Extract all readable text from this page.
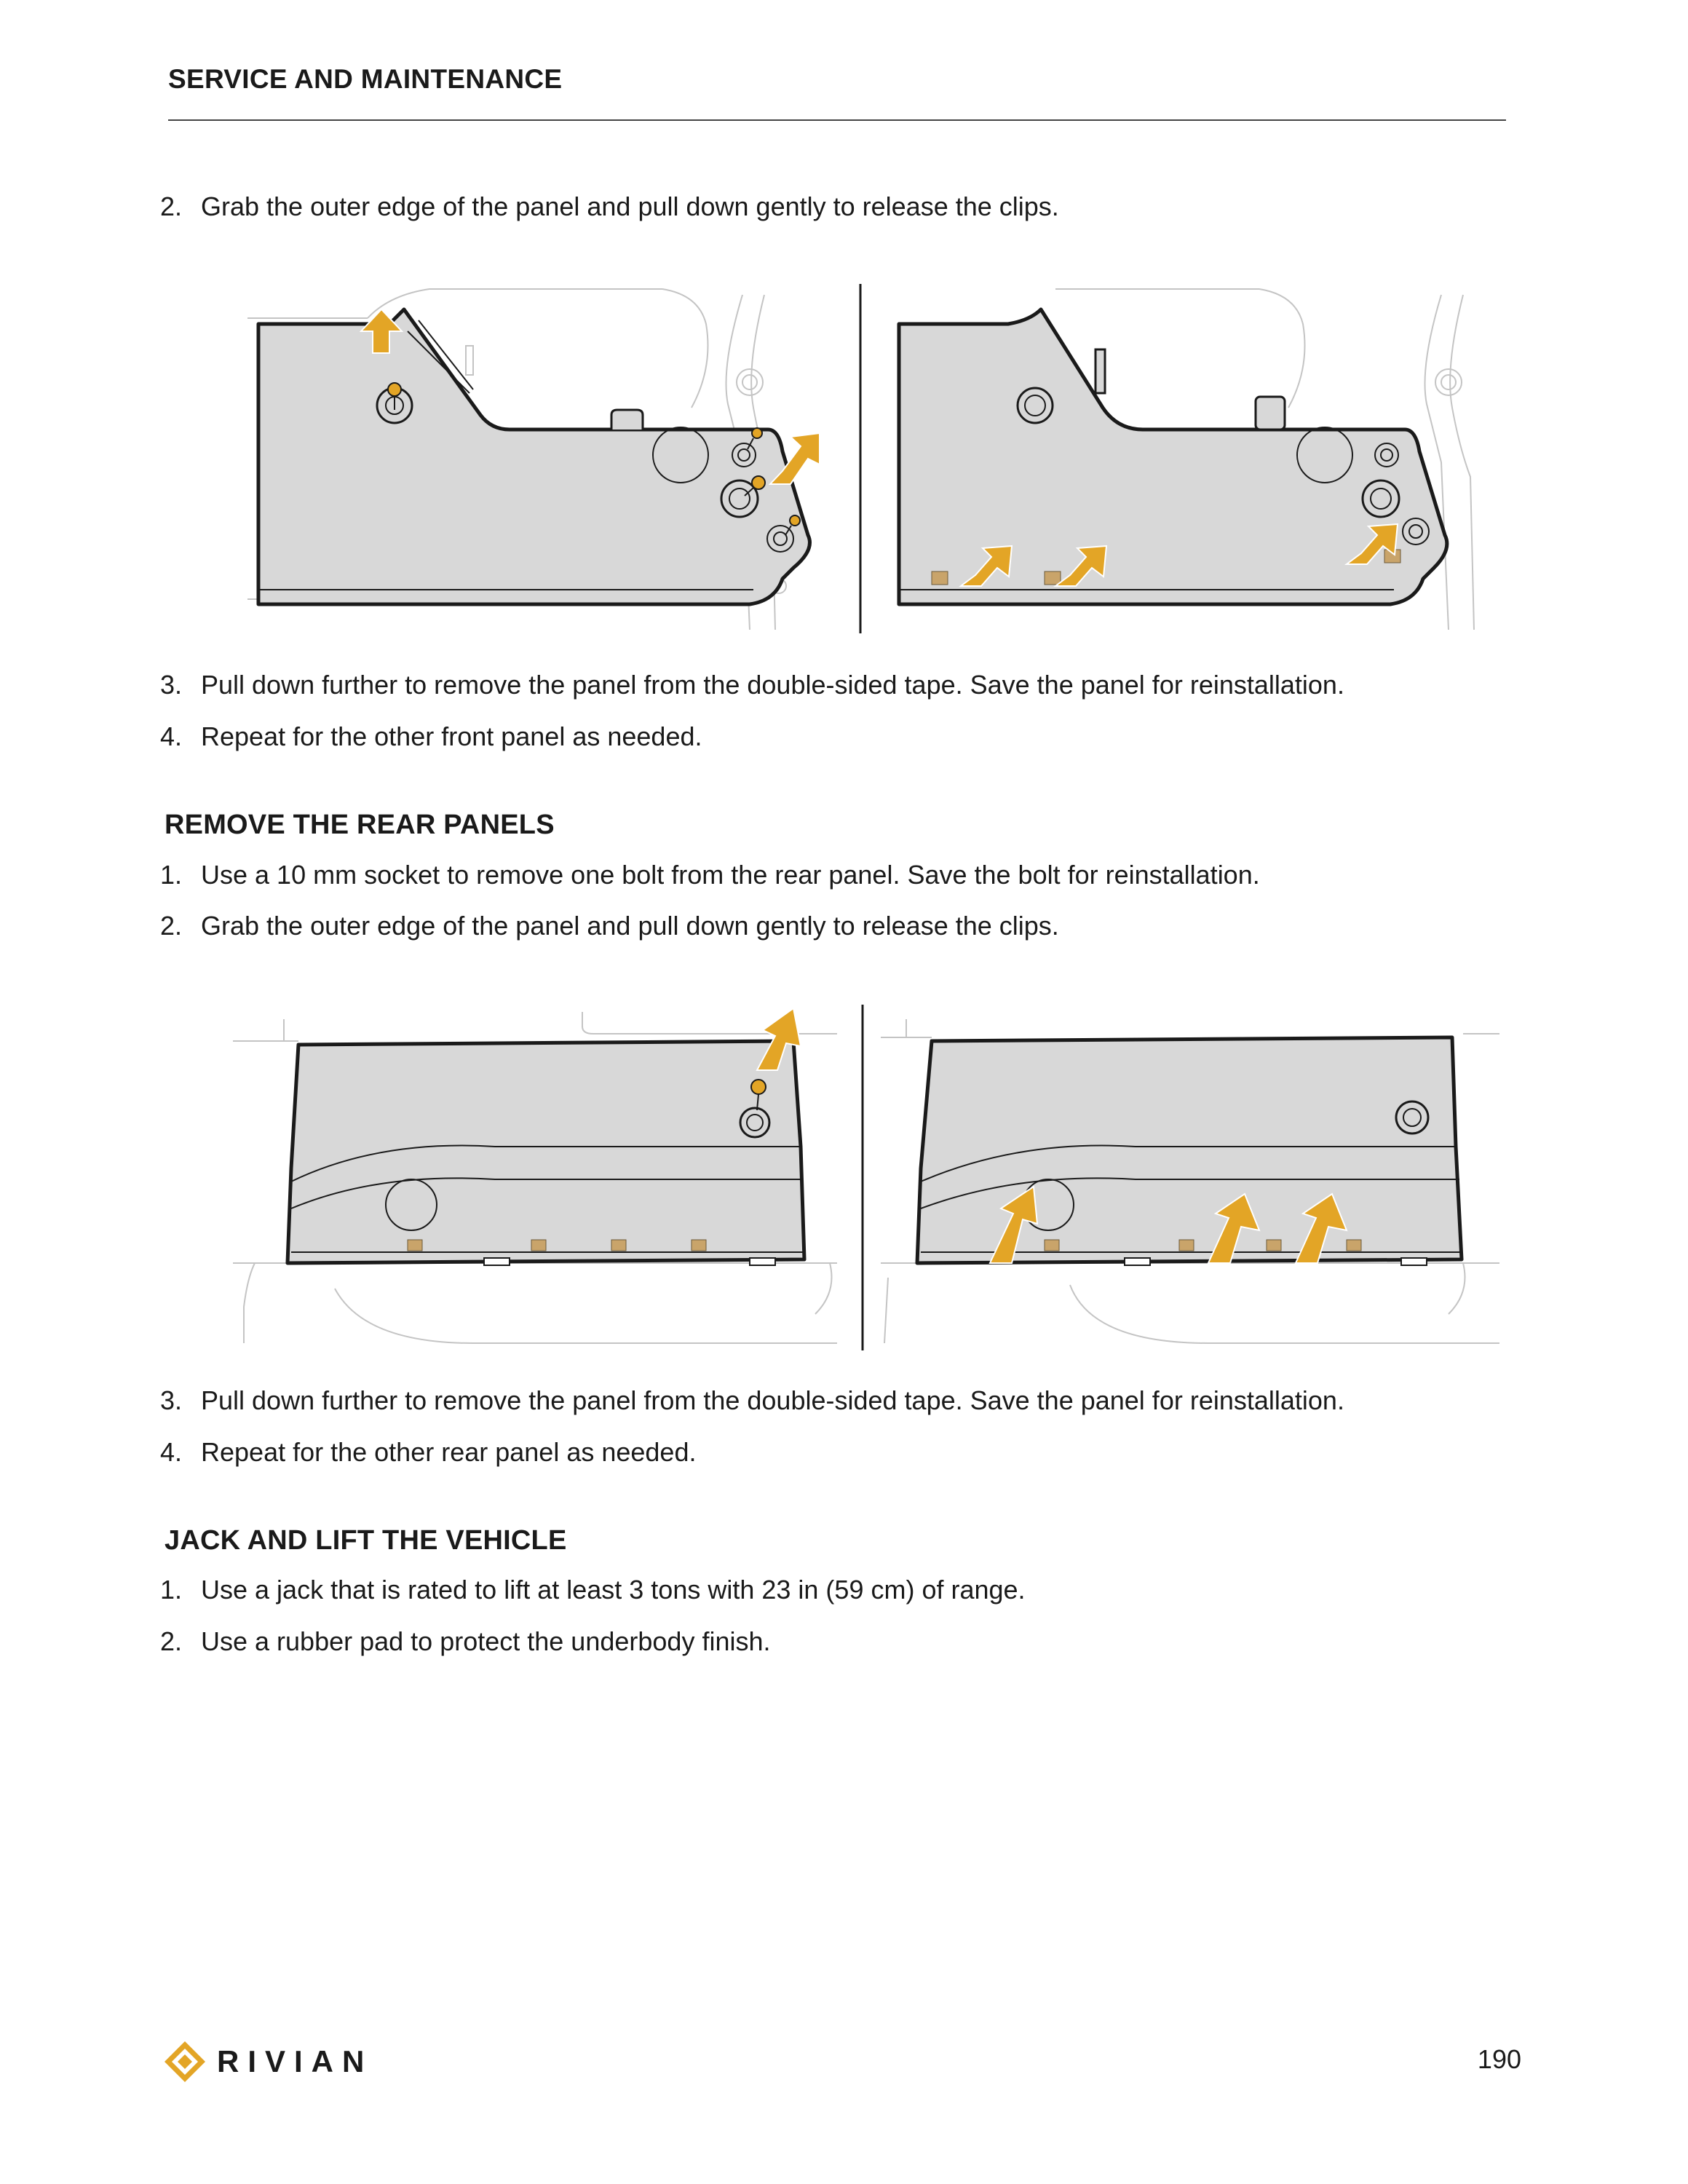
SERVICE AND MAINTENANCE
2. Grab the outer edge of the panel and pull down gently to release the clips.
3. Pull down further to remove the panel from the double-sided tape. Save the panel for reinstallation.
4. Repeat for the other front panel as needed.
REMOVE THE REAR PANELS
1. Use a 10 mm socket to remove one bolt from the rear panel. Save the bolt for reinstallation.
2. Grab the outer edge of the panel and pull down gently to release the clips.
3. Pull down further to remove the panel from the double-sided tape. Save the panel for reinstallation.
4. Repeat for the other rear panel as needed.
JACK AND LIFT THE VEHICLE
1. Use a jack that is rated to lift at least 3 tons with 23 in (59 cm) of range.
2. Use a rubber pad to protect the underbody finish.
RIVIAN	190
